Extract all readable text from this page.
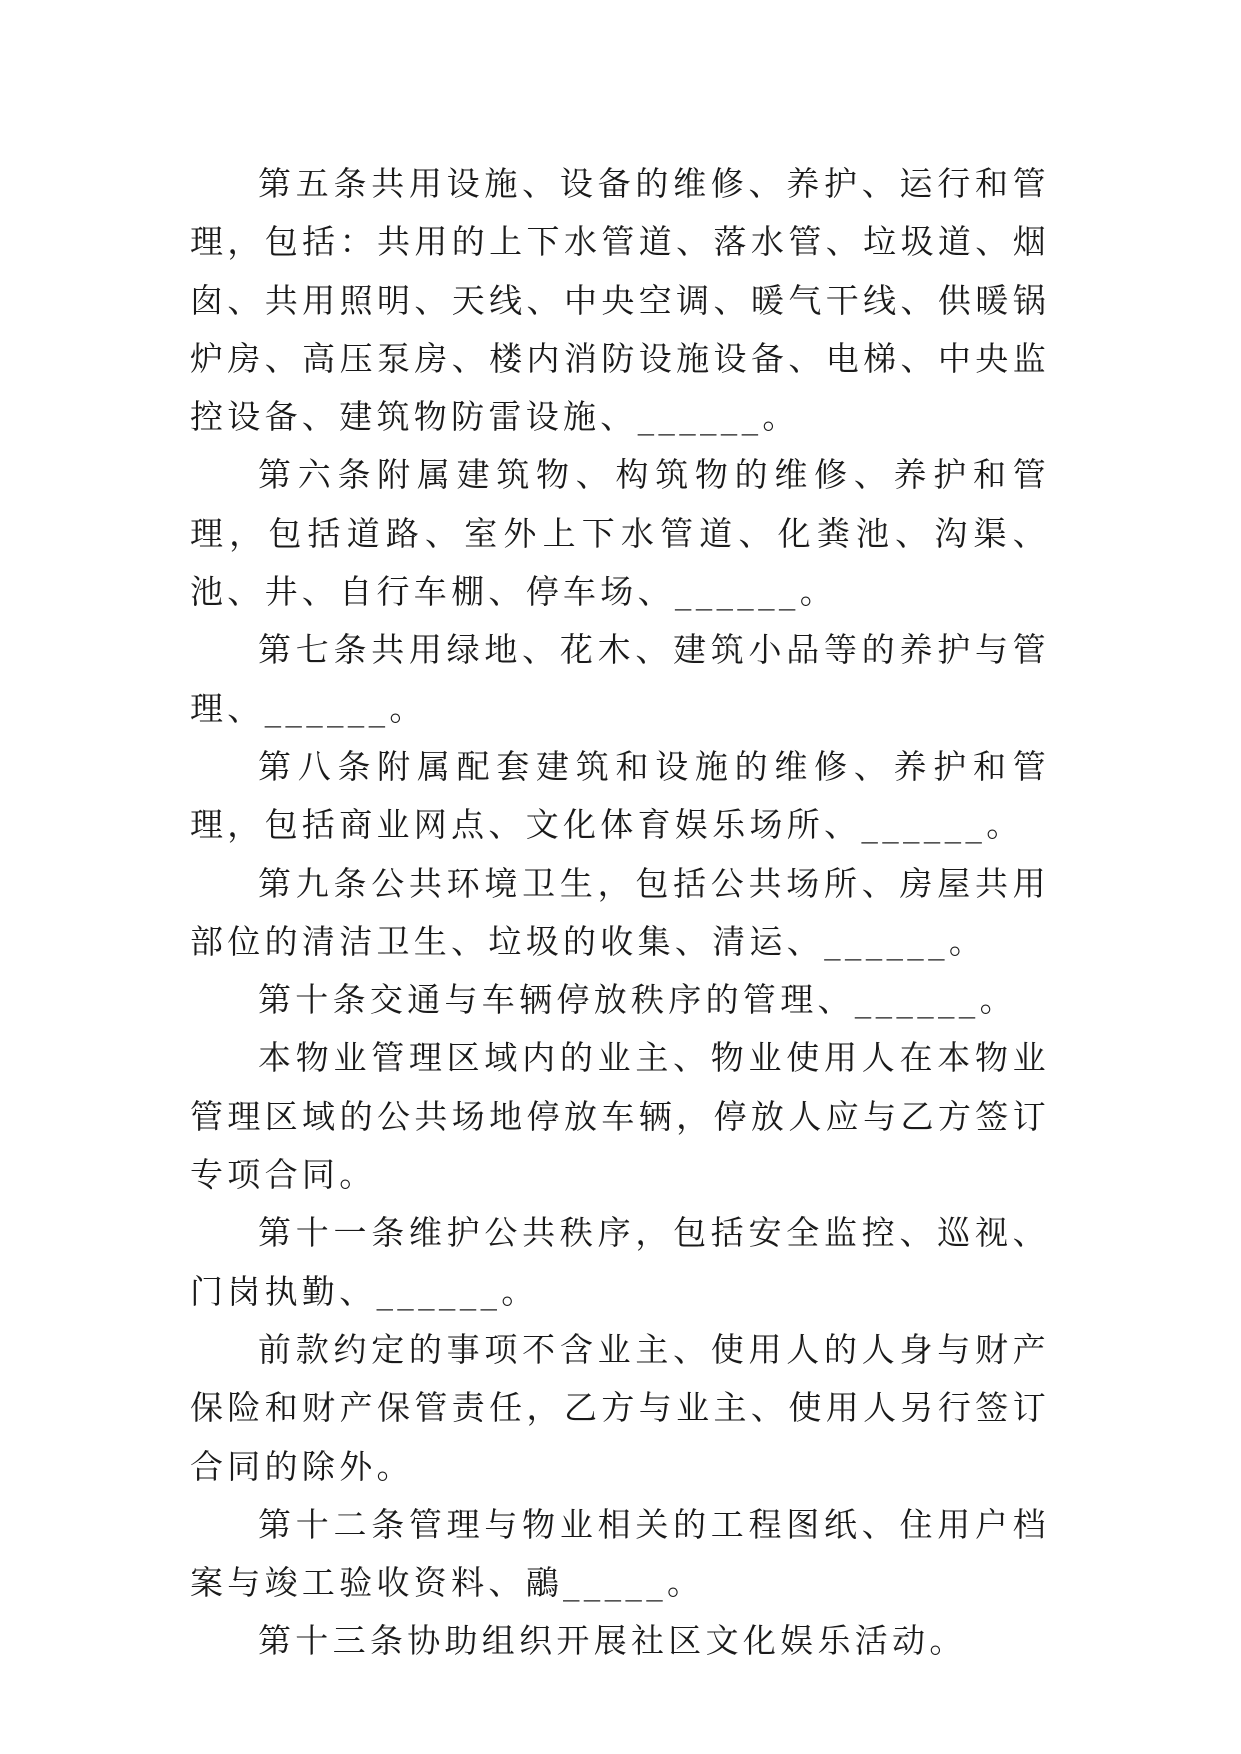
第五条共用设施、设备的维修、养护、运行和管理，包括：共用的上下水管道、落水管、垃圾道、烟囱、共用照明、天线、中央空调、暖气干线、供暖锅炉房、高压泵房、楼内消防设施设备、电梯、中央监控设备、建筑物防雷设施、______。

第六条附属建筑物、构筑物的维修、养护和管理，包括道路、室外上下水管道、化粪池、沟渠、池、井、自行车棚、停车场、______。

第七条共用绿地、花木、建筑小品等的养护与管理、______。

第八条附属配套建筑和设施的维修、养护和管理，包括商业网点、文化体育娱乐场所、______。

第九条公共环境卫生，包括公共场所、房屋共用部位的清洁卫生、垃圾的收集、清运、______。

第十条交通与车辆停放秩序的管理、______。

本物业管理区域内的业主、物业使用人在本物业管理区域的公共场地停放车辆，停放人应与乙方签订专项合同。

第十一条维护公共秩序，包括安全监控、巡视、门岗执勤、______。

前款约定的事项不含业主、使用人的人身与财产保险和财产保管责任，乙方与业主、使用人另行签订合同的除外。

第十二条管理与物业相关的工程图纸、住用户档案与竣工验收资料、鷊_____。

第十三条协助组织开展社区文化娱乐活动。
